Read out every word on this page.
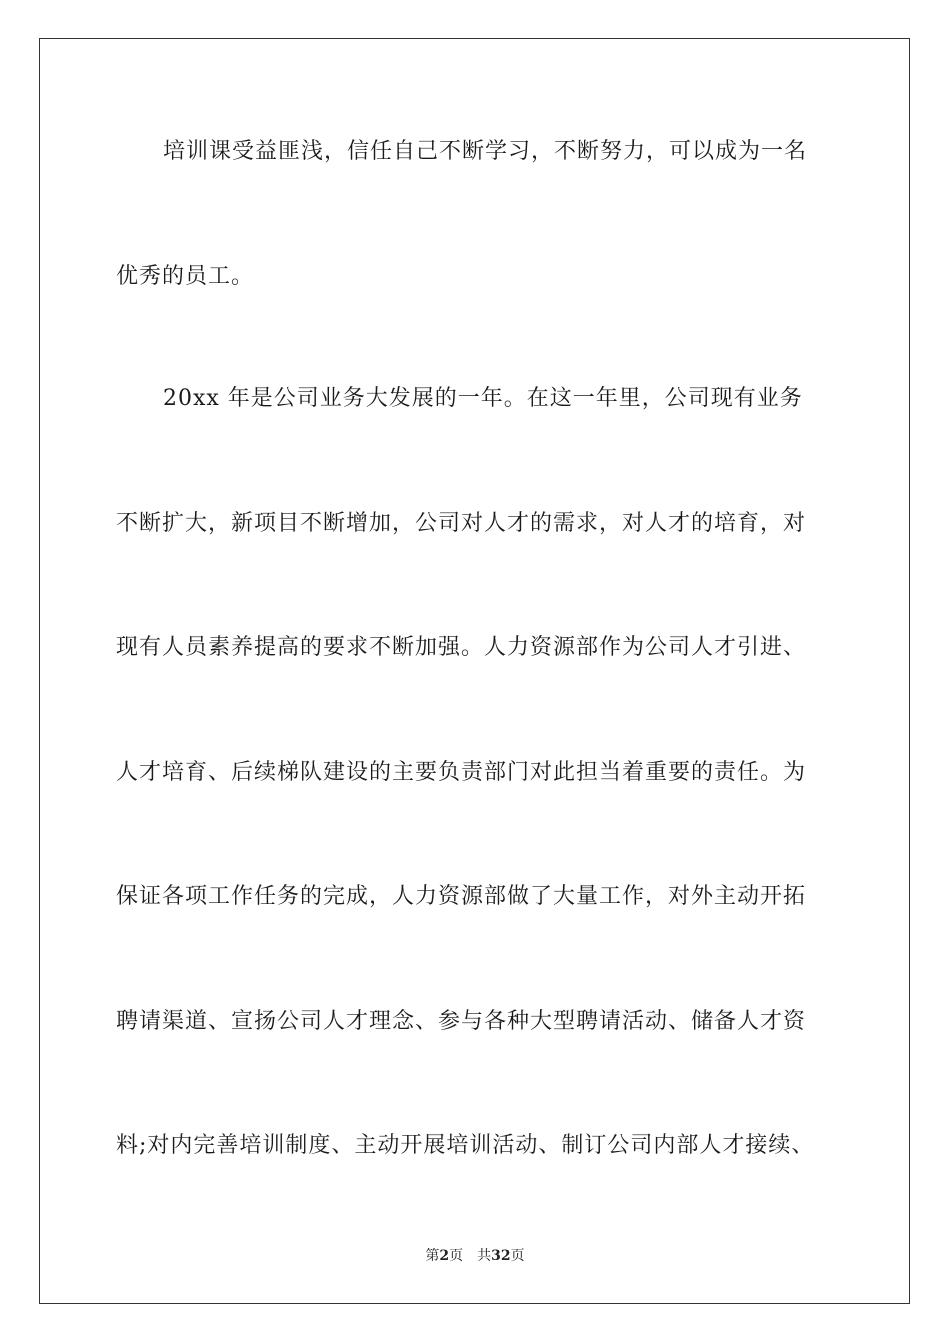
培训课受益匪浅，信任自己不断学习，不断努力，可以成为一名
优秀的员工。
20xx 年是公司业务大发展的一年。在这一年里，公司现有业务
不断扩大，新项目不断增加，公司对人才的需求，对人才的培育，对
现有人员素养提高的要求不断加强。人力资源部作为公司人才引进、
人才培育、后续梯队建设的主要负责部门对此担当着重要的责任。为
保证各项工作任务的完成，人力资源部做了大量工作，对外主动开拓
聘请渠道、宣扬公司人才理念、参与各种大型聘请活动、储备人才资
料;对内完善培训制度、主动开展培训活动、制订公司内部人才接续、
第2页 共32页
